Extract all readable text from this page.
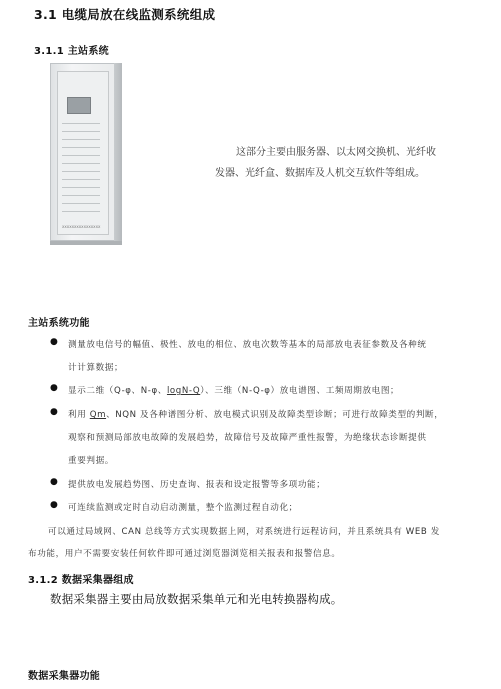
3.1 电缆局放在线监测系统组成
3.1.1 主站系统
XXXXXXXXXXXXXXXX
这部分主要由服务器、以太网交换机、光纤收
发器、光纤盒、数据库及人机交互软件等组成。
主站系统功能
● 测量放电信号的幅值、极性、放电的相位、放电次数等基本的局部放电表征参数及各种统
计计算数据；
● 显示二维（Q-φ、N-φ、logN-Q）、三维（N-Q-φ）放电谱图、工频周期放电图；
● 利用 Qm、NQN 及各种谱图分析、放电模式识别及故障类型诊断；可进行故障类型的判断，
观察和预测局部放电故障的发展趋势，故障信号及故障严重性报警，为绝缘状态诊断提供
重要判据。
● 提供放电发展趋势图、历史查询、报表和设定报警等多项功能；
● 可连续监测或定时自动启动测量，整个监测过程自动化；
可以通过局域网、CAN 总线等方式实现数据上网，对系统进行远程访问，并且系统具有 WEB 发
布功能，用户不需要安装任何软件即可通过浏览器浏览相关报表和报警信息。
3.1.2 数据采集器组成
数据采集器主要由局放数据采集单元和光电转换器构成。
数据采集器功能
